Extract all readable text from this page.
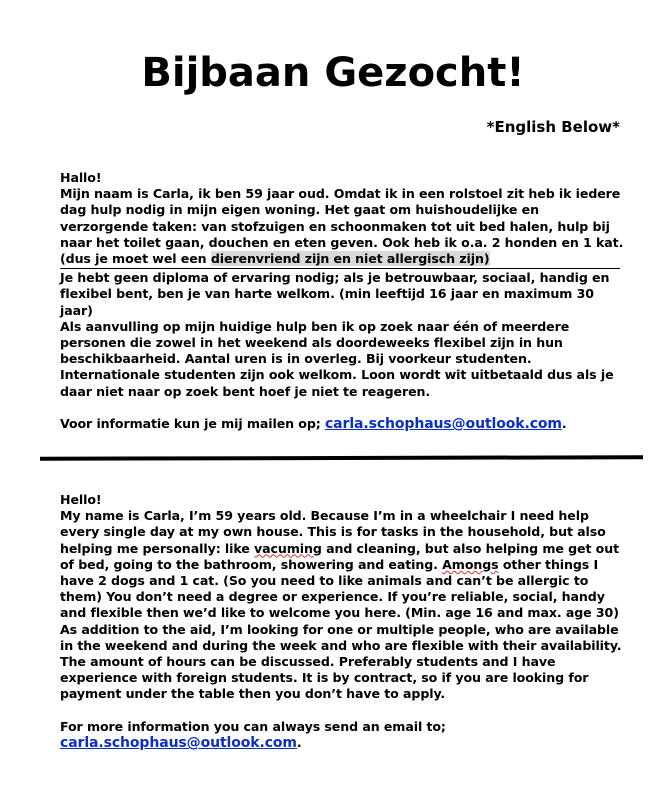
Bijbaan Gezocht!
*English Below*

Hallo!

Mijn naam is Carla, ik ben 59 jaar oud. Omdat ik in een rolstoel zit heb ik iedere dag hulp nodig in mijn eigen woning. Het gaat om huishoudelijke en verzorgende taken: van stofzuigen en schoonmaken tot uit bed halen, hulp bij naar het toilet gaan, douchen en eten geven. Ook heb ik o.a. 2 honden en 1 kat. (dus je moet wel een dierenvriend zijn en niet allergisch zijn)

Je hebt geen diploma of ervaring nodig; als je betrouwbaar, sociaal, handig en flexibel bent, ben je van harte welkom. (min leeftijd 16 jaar en maximum 30 jaar)

Als aanvulling op mijn huidige hulp ben ik op zoek naar één of meerdere personen die zowel in het weekend als doordeweeks flexibel zijn in hun beschikbaarheid. Aantal uren is in overleg. Bij voorkeur studenten. Internationale studenten zijn ook welkom. Loon wordt wit uitbetaald dus als je daar niet naar op zoek bent hoef je niet te reageren.

Voor informatie kun je mij mailen op; carla.schophaus@outlook.com.

Hello!

My name is Carla, I’m 59 years old. Because I’m in a wheelchair I need help every single day at my own house. This is for tasks in the household, but also helping me personally: like vacuming and cleaning, but also helping me get out of bed, going to the bathroom, showering and eating. Amongs other things I have 2 dogs and 1 cat. (So you need to like animals and can’t be allergic to them) You don’t need a degree or experience. If you’re reliable, social, handy and flexible then we’d like to welcome you here. (Min. age 16 and max. age 30)

As addition to the aid, I’m looking for one or multiple people, who are available in the weekend and during the week and who are flexible with their availability. The amount of hours can be discussed. Preferably students and I have experience with foreign students. It is by contract, so if you are looking for payment under the table then you don’t have to apply.

For more information you can always send an email to;

carla.schophaus@outlook.com.
